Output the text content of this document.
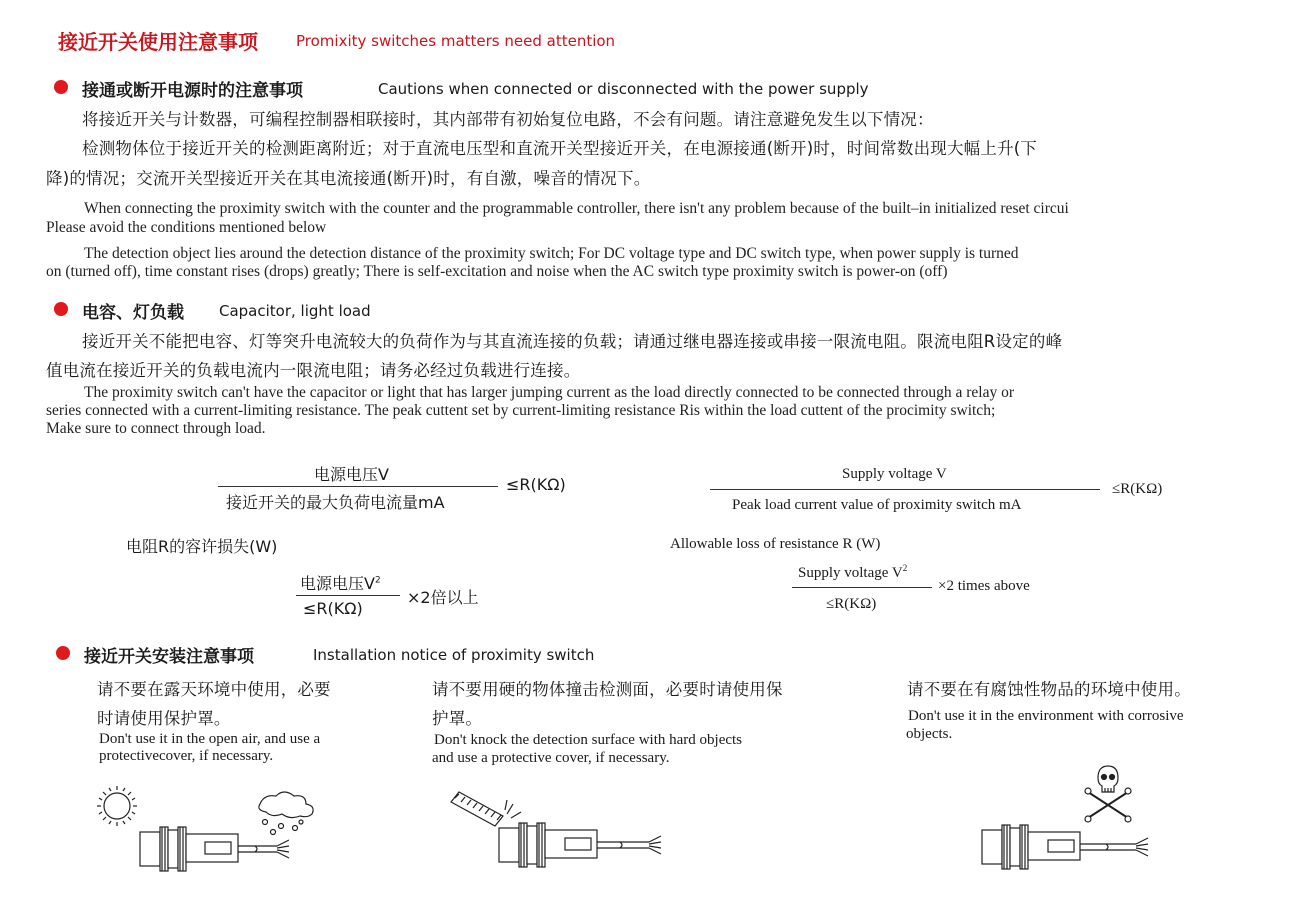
接近开关使用注意事项	Promixity switches matters need attention
接通或断开电源时的注意事项	Cautions when connected or disconnected with the power supply
将接近开关与计数器，可编程控制器相联接时，其内部带有初始复位电路，不会有问题。请注意避免发生以下情况：
检测物体位于接近开关的检测距离附近；对于直流电压型和直流开关型接近开关，在电源接通(断开)时，时间常数出现大幅上升(下
降)的情况；交流开关型接近开关在其电流接通(断开)时，有自激，噪音的情况下。
When connecting the proximity switch with the counter and the programmable controller, there isn't any problem because of the built–in initialized reset circui
Please avoid the conditions mentioned below
The detection object lies around the detection distance of the proximity switch; For DC voltage type and DC switch type, when power supply is turned
on (turned off), time constant rises (drops) greatly; There is self-excitation and noise when the AC switch type proximity switch is power-on (off)
电容、灯负载 Capacitor, light load
接近开关不能把电容、灯等突升电流较大的负荷作为与其直流连接的负载；请通过继电器连接或串接一限流电阻。限流电阻R设定的峰
值电流在接近开关的负载电流内一限流电阻；请务必经过负载进行连接。
The proximity switch can't have the capacitor or light that has larger jumping current as the load directly connected to be connected through a relay or
series connected with a current-limiting resistance. The peak cuttent set by current-limiting resistance Ris within the load cuttent of the procimity switch;
Make sure to connect through load.
电源电压V
接近开关的最大负荷电流量mA
≤R(KΩ)
Supply voltage V
Peak load current value of proximity switch mA
≤R(KΩ)
电阻R的容许损失(W)	Allowable loss of resistance R (W)
电源电压$V^2$
≤R(KΩ)
×2倍以上
Supply voltage $V^2$
≤R(KΩ)
×2 times above
接近开关安装注意事项	Installation notice of proximity switch
请不要在露天环境中使用，必要
时请使用保护罩。
Don't use it in the open air, and use a
protectivecover, if necessary.
请不要用硬的物体撞击检测面，必要时请使用保
护罩。
Don't knock the detection surface with hard objects
and use a protective cover, if necessary.
请不要在有腐蚀性物品的环境中使用。
Don't use it in the environment with corrosive
objects.
